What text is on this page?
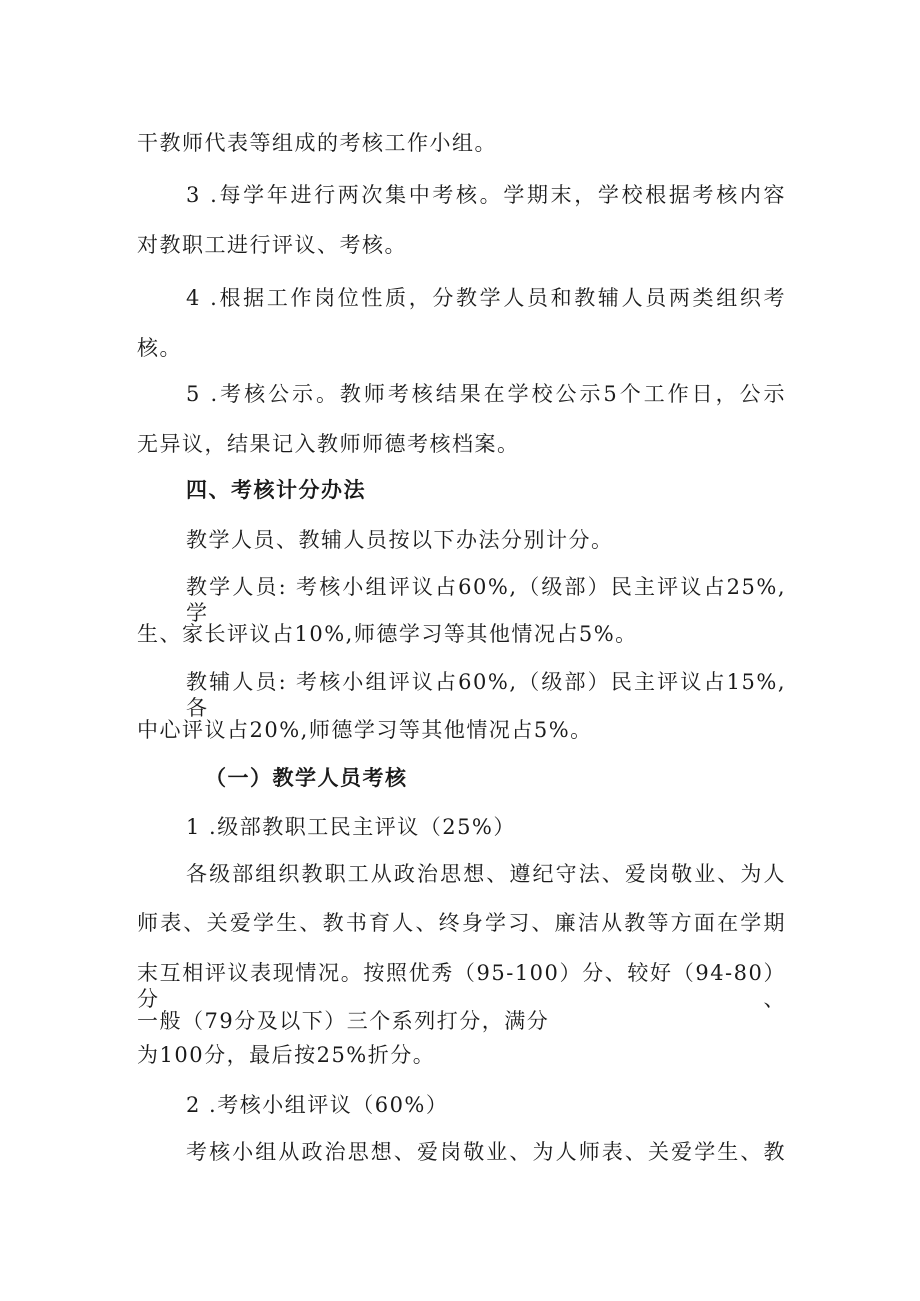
干教师代表等组成的考核工作小组。
3 .每学年进行两次集中考核。学期末，学校根据考核内容
对教职工进行评议、考核。
4 .根据工作岗位性质，分教学人员和教辅人员两类组织考
核。
5 .考核公示。教师考核结果在学校公示5个工作日，公示
无异议，结果记入教师师德考核档案。
四、考核计分办法
教学人员、教辅人员按以下办法分别计分。
教学人员: 考核小组评议占60%,（级部）民主评议占25%,学
生、家长评议占10%,师德学习等其他情况占5%。
教辅人员: 考核小组评议占60%,（级部）民主评议占15%,各
中心评议占20%,师德学习等其他情况占5%。
（一）教学人员考核
1 .级部教职工民主评议（25%）
各级部组织教职工从政治思想、遵纪守法、爱岗敬业、为人
师表、关爱学生、教书育人、终身学习、廉洁从教等方面在学期
末互相评议表现情况。按照优秀（95-100）分、较好（94-80）分、
一般（79分及以下）三个系列打分，满分
为100分，最后按25%折分。
2 .考核小组评议（60%）
考核小组从政治思想、爱岗敬业、为人师表、关爱学生、教
